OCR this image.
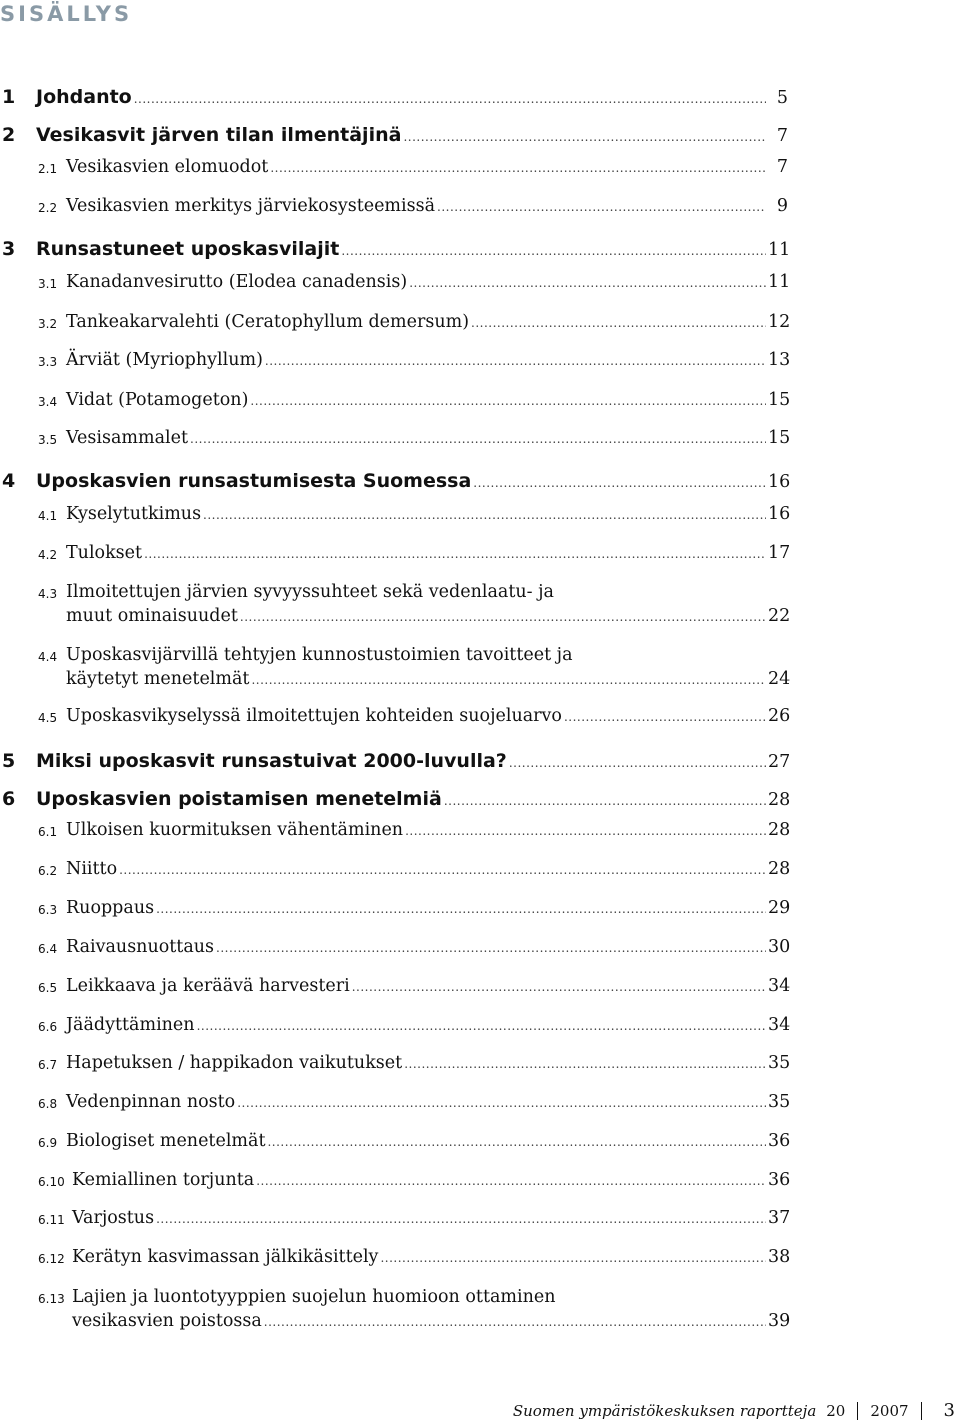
SISÄLLYS
1 Johdanto .....	5
2 Vesikasvit järven tilan ilmentäjinä .....	7
2.1 Vesikasvien elomuodot .....	7
2.2 Vesikasvien merkitys järviekosysteemissä .....	9
3 Runsastuneet uposkasvilajit .....	11
3.1 Kanadanvesirutto (Elodea canadensis) .....	11
3.2 Tankeakarvalehti (Ceratophyllum demersum) .....	12
3.3 Ärviät (Myriophyllum) .....	13
3.4 Vidat (Potamogeton) .....	15
3.5 Vesisammalet .....	15
4 Uposkasvien runsastumisesta Suomessa .....	16
4.1 Kyselytutkimus .....	16
4.2 Tulokset .....	17
4.3 Ilmoitettujen järvien syvyyssuhteet sekä vedenlaatu- ja
muut ominaisuudet .....	22
4.4 Uposkasvijärvillä tehtyjen kunnostustoimien tavoitteet ja
käytetyt menetelmät .....	24
4.5 Uposkasvikyselyssä ilmoitettujen kohteiden suojeluarvo .....	26
5 Miksi uposkasvit runsastuivat 2000-luvulla? .....	27
6 Uposkasvien poistamisen menetelmiä .....	28
6.1 Ulkoisen kuormituksen vähentäminen .....	28
6.2 Niitto .....	28
6.3 Ruoppaus .....	29
6.4 Raivausnuottaus .....	30
6.5 Leikkaava ja keräävä harvesteri .....	34
6.6 Jäädyttäminen .....	34
6.7 Hapetuksen / happikadon vaikutukset .....	35
6.8 Vedenpinnan nosto .....	35
6.9 Biologiset menetelmät .....	36
6.10 Kemiallinen torjunta .....	36
6.11 Varjostus .....	37
6.12 Kerätyn kasvimassan jälkikäsittely .....	38
6.13 Lajien ja luontotyyppien suojelun huomioon ottaminen
vesikasvien poistossa .....	39
Suomen ympäristökeskuksen raportteja 20 2007 3
